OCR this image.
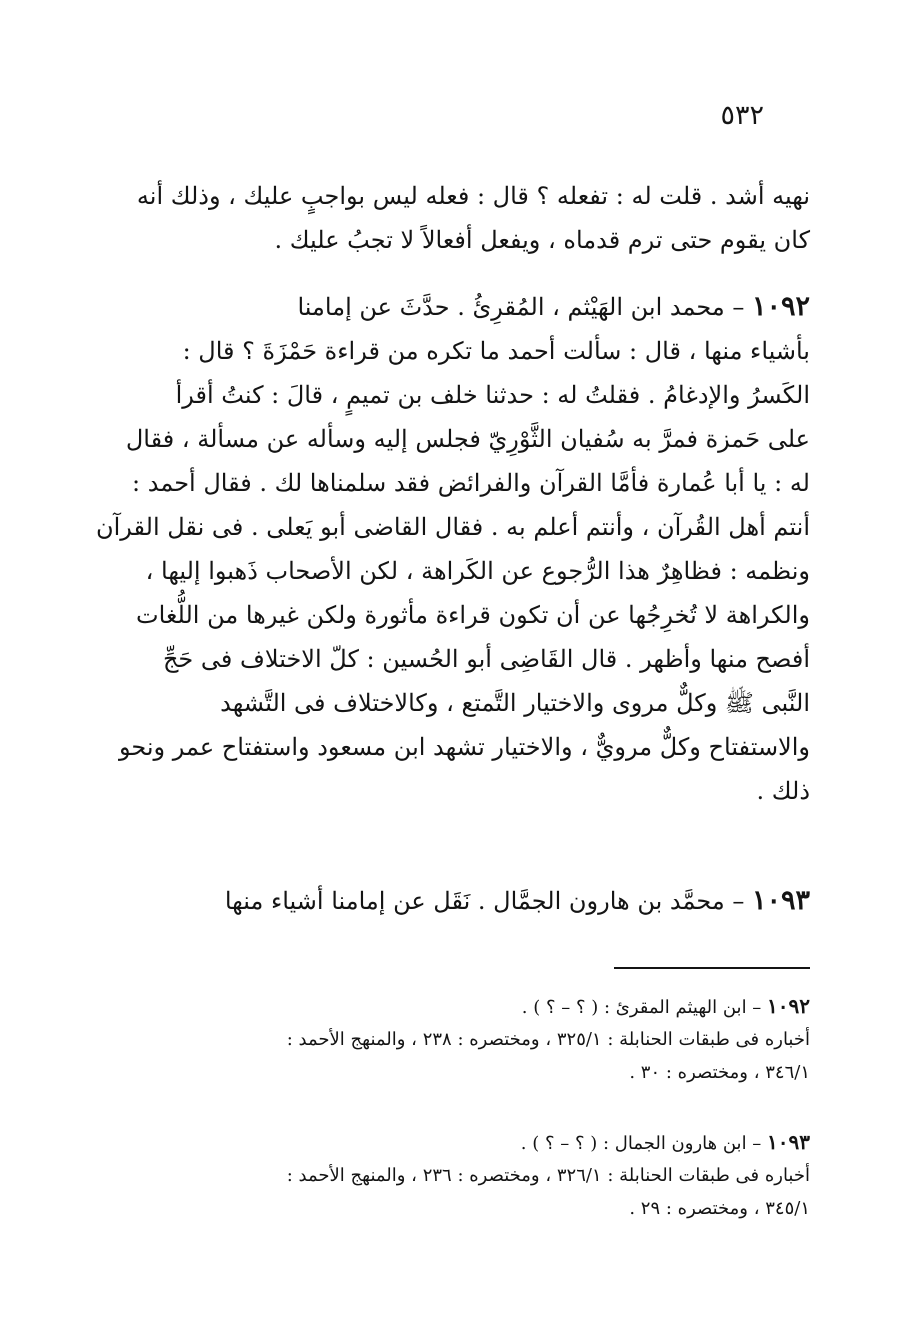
٥٣٢
نهيه أشد . قلت له : تفعله ؟ قال : فعله ليس بواجبٍ عليك ، وذلك أنه
كان يقوم حتى ترم قدماه ، ويفعل أفعالاً لا تجبُ عليك .
١٠٩٢ – محمد ابن الهَيْثم ، المُقرِئُ . حدَّثَ عن إمامنا
بأشياء منها ، قال : سألت أحمد ما تكره من قراءة حَمْزَةَ ؟ قال :
الكَسرُ والإدغامُ . فقلتُ له : حدثنا خلف بن تميمٍ ، قالَ : كنتُ أقرأ
على حَمزة فمرَّ به سُفيان الثَّوْرِيّ فجلس إليه وسأله عن مسألة ، فقال
له : يا أبا عُمارة فأمَّا القرآن والفرائض فقد سلمناها لك . فقال أحمد :
أنتم أهل القُرآن ، وأنتم أعلم به . فقال القاضى أبو يَعلى . فى نقل القرآن
ونظمه : فظاهِرٌ هذا الرُّجوع عن الكَراهة ، لكن الأصحاب ذَهبوا إليها ،
والكراهة لا تُخرِجُها عن أن تكون قراءة مأثورة ولكن غيرها من اللُّغات
أفصح منها وأظهر . قال القَاضِى أبو الحُسين : كلّ الاختلاف فى حَجِّ
النَّبى ﷺ وكلٌّ مروى والاختيار التَّمتع ، وكالاختلاف فى التَّشهد
والاستفتاح وكلٌّ مرويٌّ ، والاختيار تشهد ابن مسعود واستفتاح عمر ونحو
ذلك .
١٠٩٣ – محمَّد بن هارون الجمَّال . نَقَل عن إمامنا أشياء منها
١٠٩٢ – ابن الهيثم المقرئ : ( ؟ – ؟ ) .
أخباره فى طبقات الحنابلة : ٣٢٥/١ ، ومختصره : ٢٣٨ ، والمنهج الأحمد :
٣٤٦/١ ، ومختصره : ٣٠ .
١٠٩٣ – ابن هارون الجمال : ( ؟ – ؟ ) .
أخباره فى طبقات الحنابلة : ٣٢٦/١ ، ومختصره : ٢٣٦ ، والمنهج الأحمد :
٣٤٥/١ ، ومختصره : ٢٩ .
